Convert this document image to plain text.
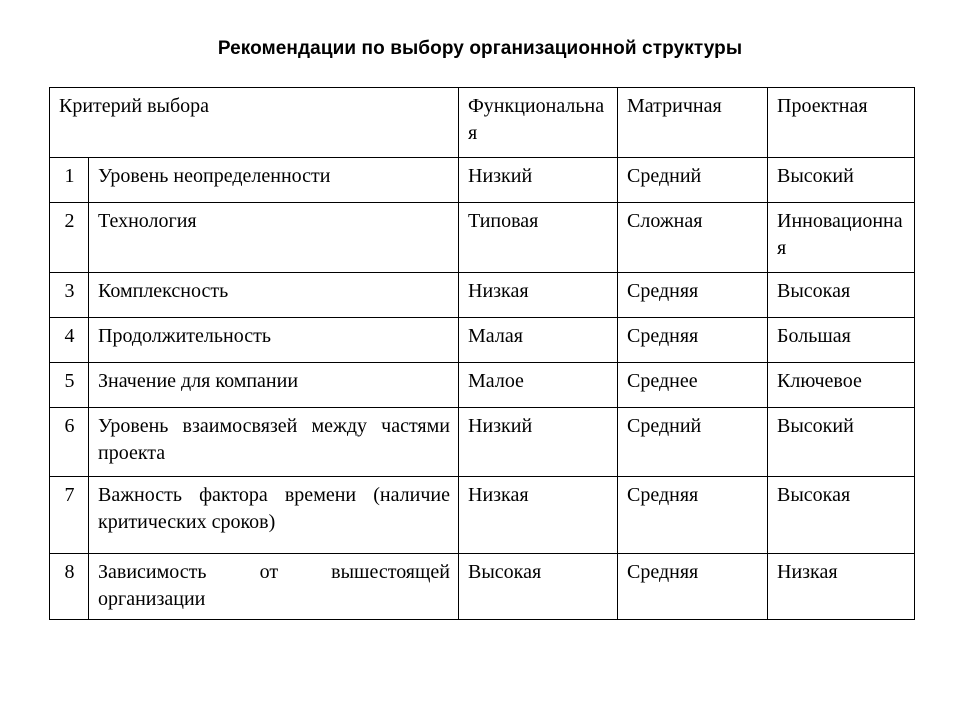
Рекомендации по выбору организационной структуры
Критерий выбора		Функциональная	Матричная	Проектная
1	Уровень неопределенности	Низкий	Средний	Высокий
2	Технология	Типовая	Сложная	Инновационная
3	Комплексность	Низкая	Средняя	Высокая
4	Продолжительность	Малая	Средняя	Большая
5	Значение для компании	Малое	Среднее	Ключевое
6	Уровень взаимосвязей между частями проекта	Низкий	Средний	Высокий
7	Важность фактора времени (наличие критических сроков)	Низкая	Средняя	Высокая
8	Зависимость от вышестоящей организации	Высокая	Средняя	Низкая
